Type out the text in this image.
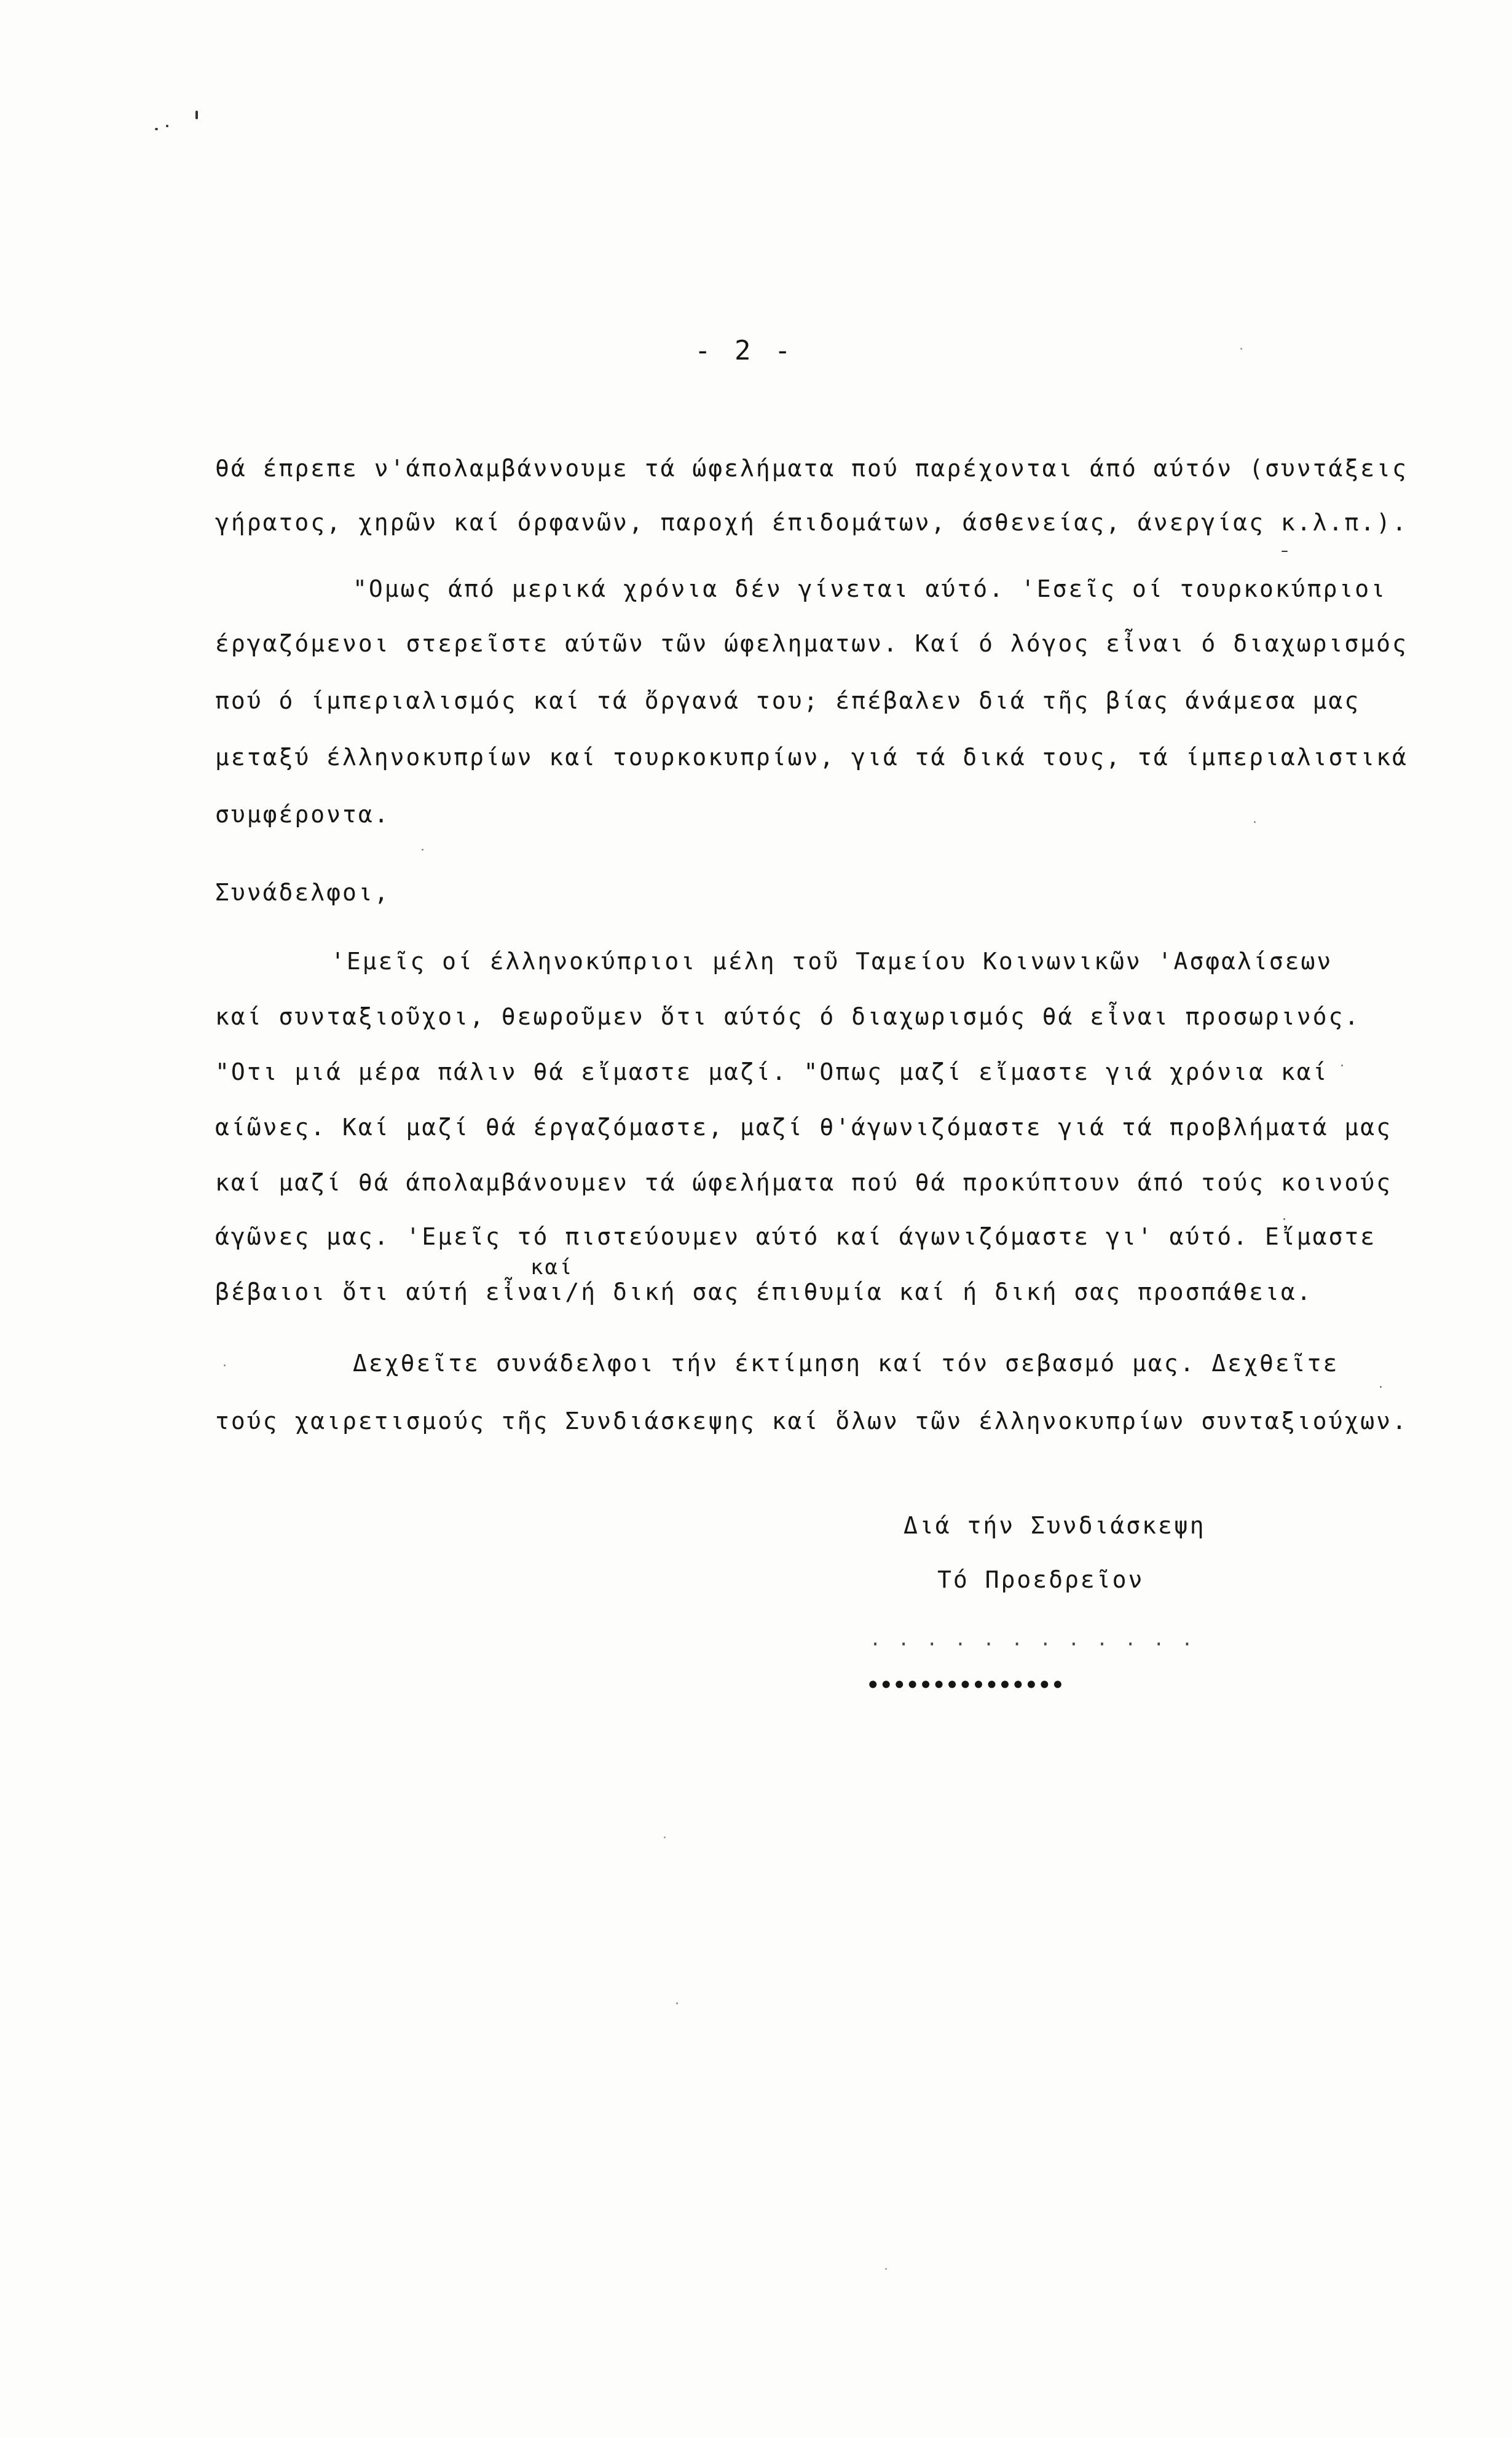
- 2 -
θά έπρεπε ν'άπολαμβάννουμε τά ώφελήματα πού παρέχονται άπό αύτόν (συντάξεις
γήρατος, χηρῶν καί όρφανῶν, παροχή έπιδομάτων, άσθενείας, άνεργίας κ.λ.π.).
"Ομως άπό μερικά χρόνια δέν γίνεται αύτό. 'Εσεῖς οί τουρκοκύπριοι
έργαζόμενοι στερεῖστε αύτῶν τῶν ώφεληματων. Καί ό λόγος εἶναι ό διαχωρισμός
πού ό ίμπεριαλισμός καί τά ὄργανά του; έπέβαλεν διά τῆς βίας άνάμεσα μας
μεταξύ έλληνοκυπρίων καί τουρκοκυπρίων, γιά τά δικά τους, τά ίμπεριαλιστικά
συμφέροντα.
Συνάδελφοι,
'Εμεῖς οί έλληνοκύπριοι μέλη τοῦ Ταμείου Κοινωνικῶν 'Ασφαλίσεων
καί συνταξιοῦχοι, θεωροῦμεν ὅτι αύτός ό διαχωρισμός θά εἶναι προσωρινός.
"Οτι μιά μέρα πάλιν θά εἴμαστε μαζί. "Οπως μαζί εἴμαστε γιά χρόνια καί
αίῶνες. Καί μαζί θά έργαζόμαστε, μαζί θ'άγωνιζόμαστε γιά τά προβλήματά μας
καί μαζί θά άπολαμβάνουμεν τά ώφελήματα πού θά προκύπτουν άπό τούς κοινούς
άγῶνες μας. 'Εμεῖς τό πιστεύουμεν αύτό καί άγωνιζόμαστε γι' αύτό. Εἴμαστε
καί
βέβαιοι ὅτι αύτή εἶναι/ή δική σας έπιθυμία καί ή δική σας προσπάθεια.
Δεχθεῖτε συνάδελφοι τήν έκτίμηση καί τόν σεβασμό μας. Δεχθεῖτε
τούς χαιρετισμούς τῆς Συνδιάσκεψης καί ὅλων τῶν έλληνοκυπρίων συνταξιούχων.
Διά τήν Συνδιάσκεψη
Τό Προεδρεῖον
. . . . . . . . . . . .
•••••••••••••••
